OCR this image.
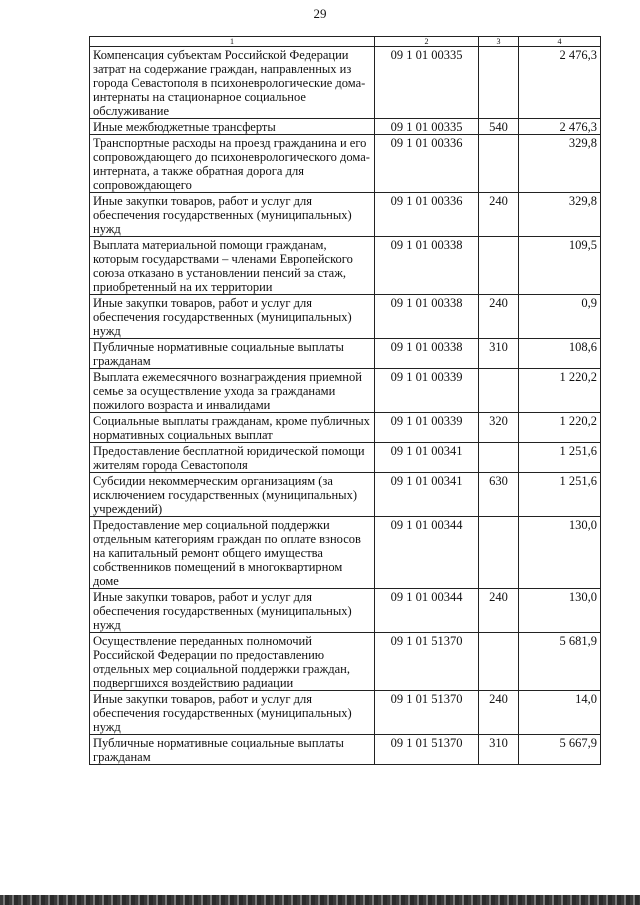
29
1	2	3	4
Компенсация субъектам Российской Федерации затрат на содержание граждан, направленных из города Севастополя в психоневрологические дома-интернаты на стационарное социальное обслуживание	09 1 01 00335		2 476,3
Иные межбюджетные трансферты	09 1 01 00335	540	2 476,3
Транспортные расходы на проезд гражданина и его сопровождающего до психоневрологического дома-интерната, а также обратная дорога для сопровождающего	09 1 01 00336		329,8
Иные закупки товаров, работ и услуг для обеспечения государственных (муниципальных) нужд	09 1 01 00336	240	329,8
Выплата материальной помощи гражданам, которым государствами – членами Европейского союза отказано в установлении пенсий за стаж, приобретенный на их территории	09 1 01 00338		109,5
Иные закупки товаров, работ и услуг для обеспечения государственных (муниципальных) нужд	09 1 01 00338	240	0,9
Публичные нормативные социальные выплаты гражданам	09 1 01 00338	310	108,6
Выплата ежемесячного вознаграждения приемной семье за осуществление ухода за гражданами пожилого возраста и инвалидами	09 1 01 00339		1 220,2
Социальные выплаты гражданам, кроме публичных нормативных социальных выплат	09 1 01 00339	320	1 220,2
Предоставление бесплатной юридической помощи жителям города Севастополя	09 1 01 00341		1 251,6
Субсидии некоммерческим организациям (за исключением государственных (муниципальных) учреждений)	09 1 01 00341	630	1 251,6
Предоставление мер социальной поддержки отдельным категориям граждан по оплате взносов на капитальный ремонт общего имущества собственников помещений в многоквартирном доме	09 1 01 00344		130,0
Иные закупки товаров, работ и услуг для обеспечения государственных (муниципальных) нужд	09 1 01 00344	240	130,0
Осуществление переданных полномочий Российской Федерации по предоставлению отдельных мер социальной поддержки граждан, подвергшихся воздействию радиации	09 1 01 51370		5 681,9
Иные закупки товаров, работ и услуг для обеспечения государственных (муниципальных) нужд	09 1 01 51370	240	14,0
Публичные нормативные социальные выплаты гражданам	09 1 01 51370	310	5 667,9
